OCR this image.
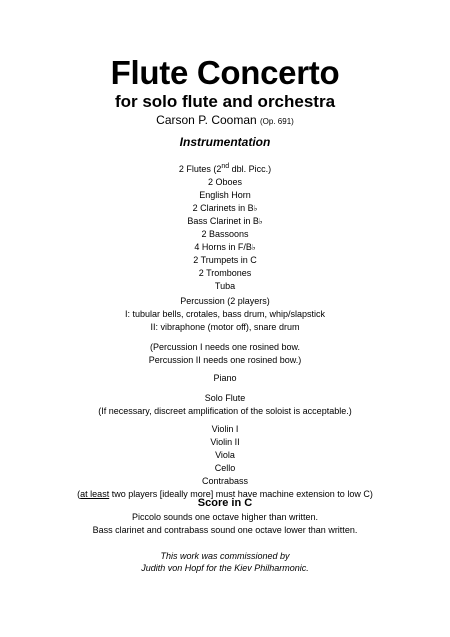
Flute Concerto
for solo flute and orchestra
Carson P. Cooman (Op. 691)
Instrumentation
2 Flutes (2nd dbl. Picc.)
2 Oboes
English Horn
2 Clarinets in B♭
Bass Clarinet in B♭
2 Bassoons
4 Horns in F/B♭
2 Trumpets in C
2 Trombones
Tuba
Percussion (2 players)
I: tubular bells, crotales, bass drum, whip/slapstick
II: vibraphone (motor off), snare drum
(Percussion I needs one rosined bow.
Percussion II needs one rosined bow.)
Piano
Solo Flute
(If necessary, discreet amplification of the soloist is acceptable.)
Violin I
Violin II
Viola
Cello
Contrabass
(at least two players [ideally more] must have machine extension to low C)
Score in C
Piccolo sounds one octave higher than written.
Bass clarinet and contrabass sound one octave lower than written.
This work was commissioned by
Judith von Hopf for the Kiev Philharmonic.
